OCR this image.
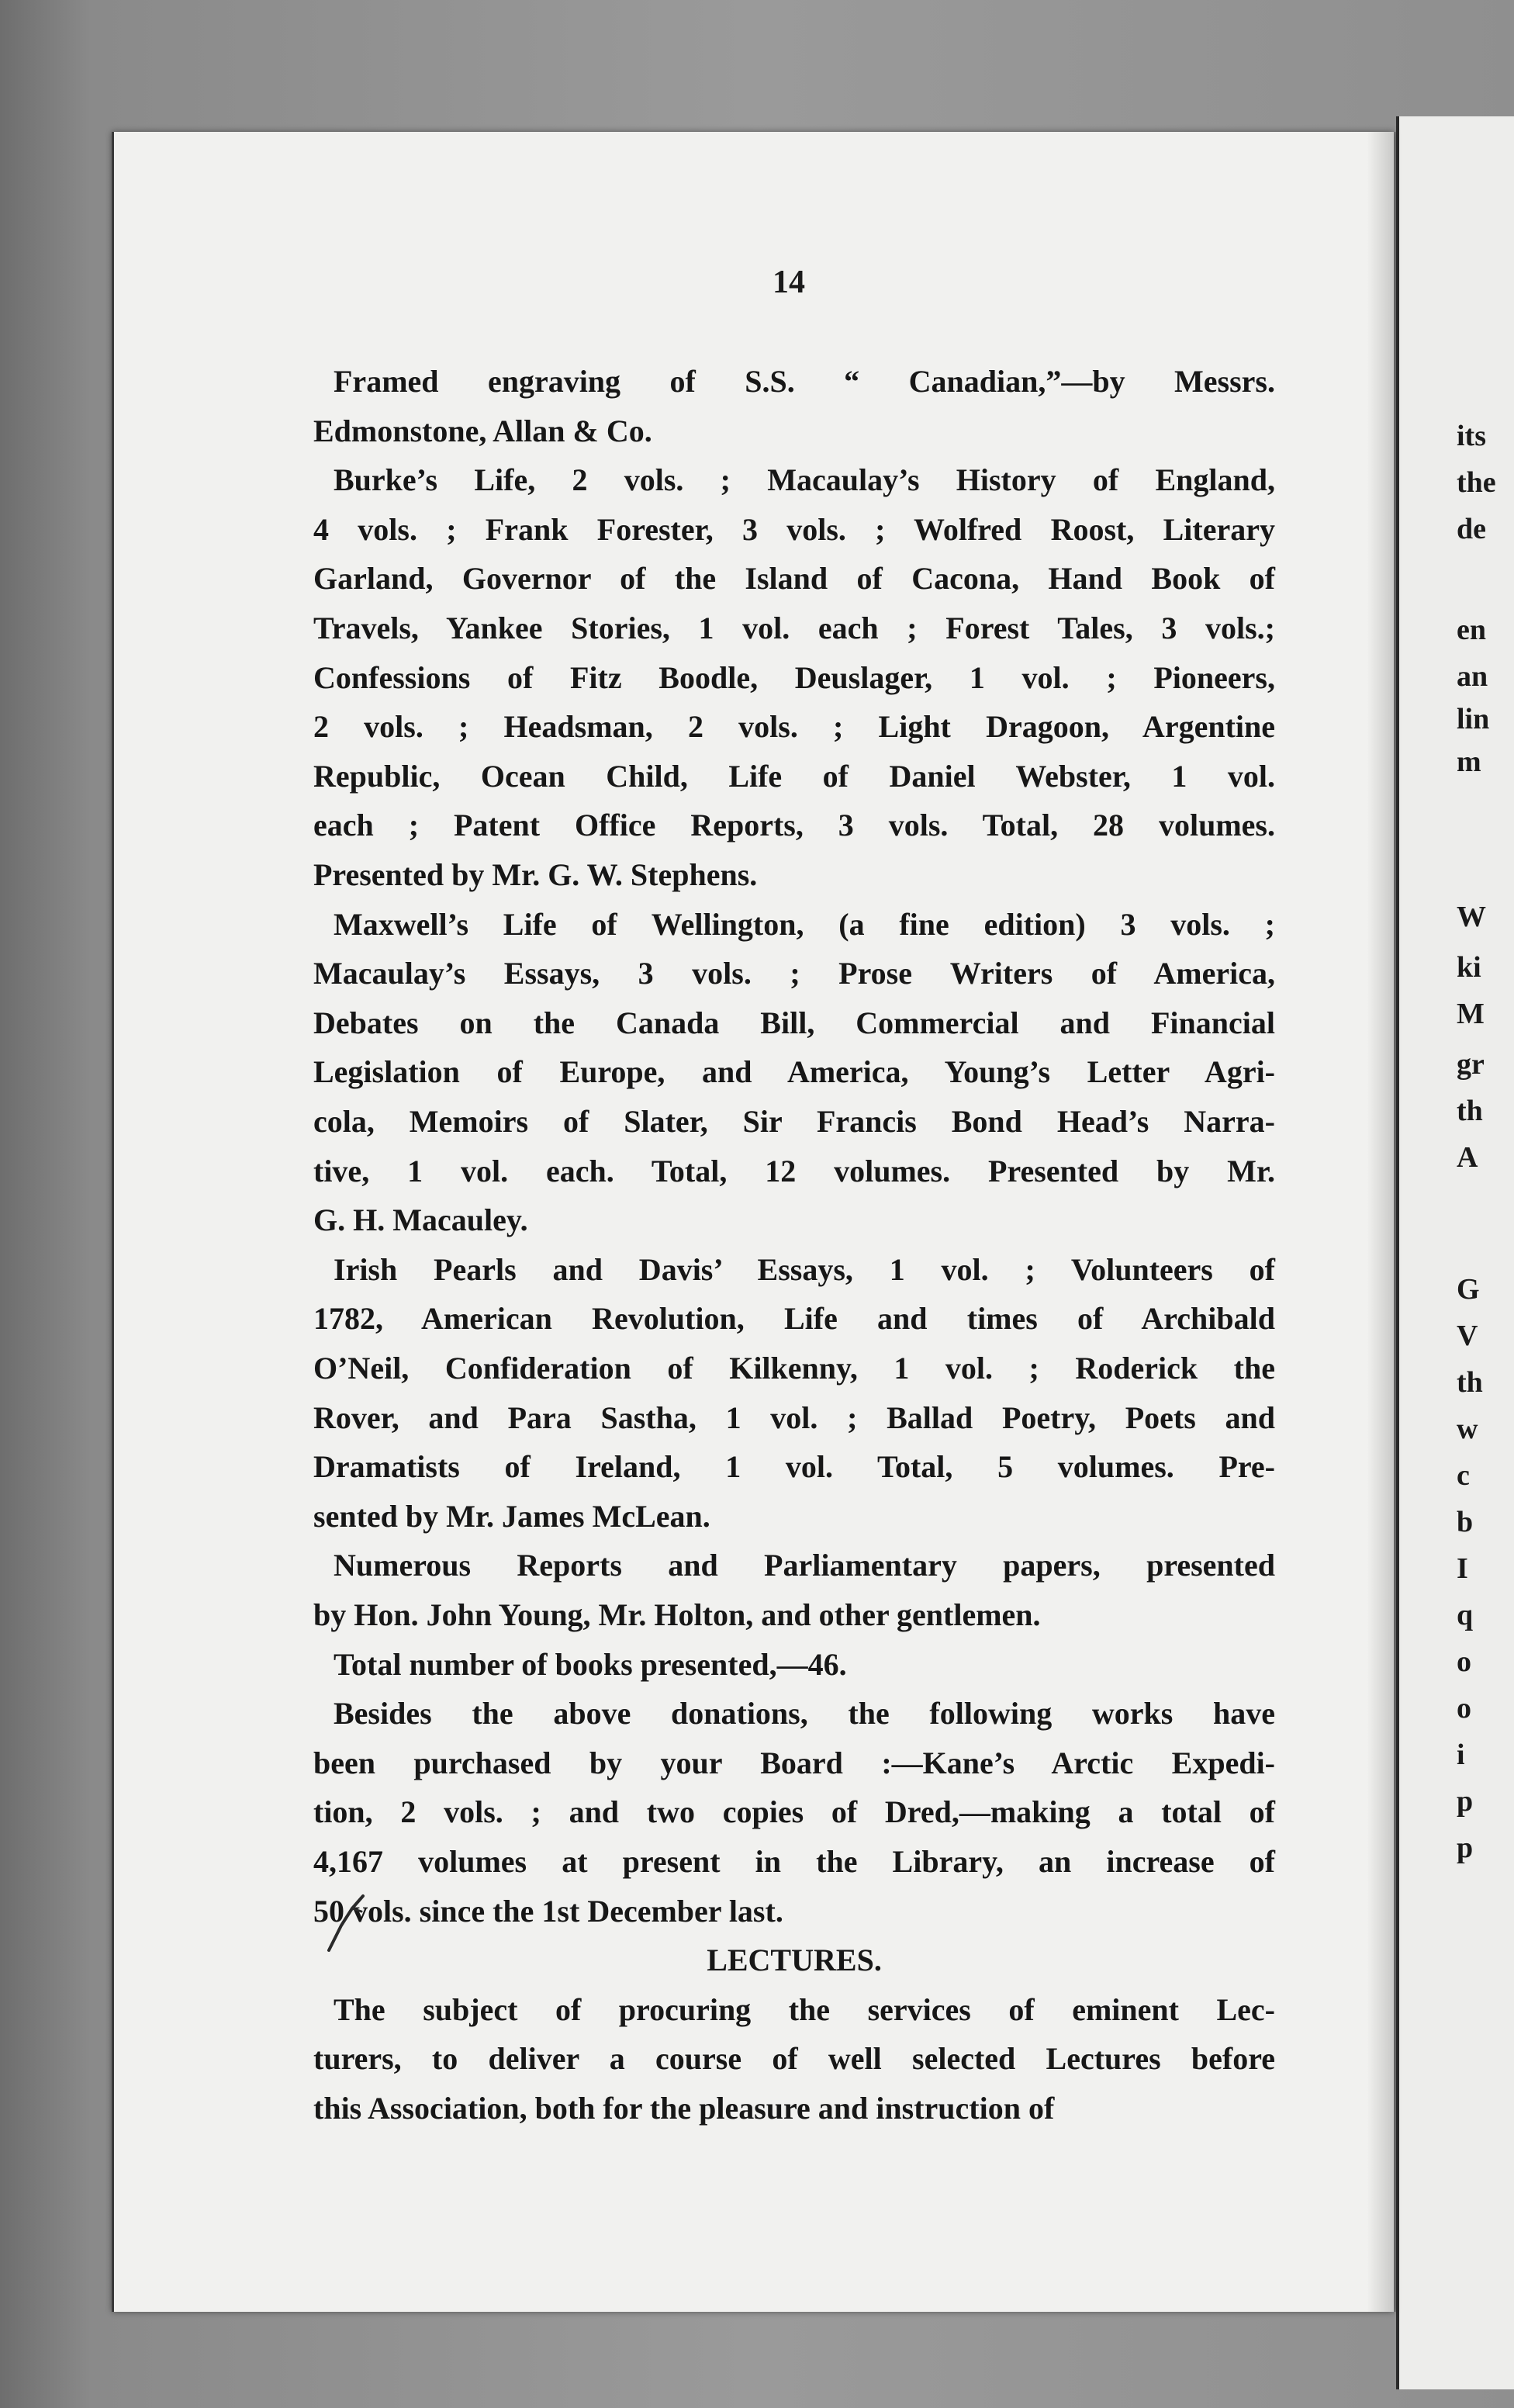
14
Framed engraving of S.S. “ Canadian,”—by Messrs.
Edmonstone, Allan & Co.
Burke’s Life, 2 vols. ; Macaulay’s History of England,
4 vols. ; Frank Forester, 3 vols. ; Wolfred Roost, Literary
Garland, Governor of the Island of Cacona, Hand Book of
Travels, Yankee Stories, 1 vol. each ; Forest Tales, 3 vols.;
Confessions of Fitz Boodle, Deuslager, 1 vol. ; Pioneers,
2 vols. ; Headsman, 2 vols. ; Light Dragoon, Argentine
Republic, Ocean Child, Life of Daniel Webster, 1 vol.
each ; Patent Office Reports, 3 vols. Total, 28 volumes.
Presented by Mr. G. W. Stephens.
Maxwell’s Life of Wellington, (a fine edition) 3 vols. ;
Macaulay’s Essays, 3 vols. ; Prose Writers of America,
Debates on the Canada Bill, Commercial and Financial
Legislation of Europe, and America, Young’s Letter Agri-
cola, Memoirs of Slater, Sir Francis Bond Head’s Narra-
tive, 1 vol. each. Total, 12 volumes. Presented by Mr.
G. H. Macauley.
Irish Pearls and Davis’ Essays, 1 vol. ; Volunteers of
1782, American Revolution, Life and times of Archibald
O’Neil, Confideration of Kilkenny, 1 vol. ; Roderick the
Rover, and Para Sastha, 1 vol. ; Ballad Poetry, Poets and
Dramatists of Ireland, 1 vol. Total, 5 volumes. Pre-
sented by Mr. James McLean.
Numerous Reports and Parliamentary papers, presented
by Hon. John Young, Mr. Holton, and other gentlemen.
Total number of books presented,—46.
Besides the above donations, the following works have
been purchased by your Board :—Kane’s Arctic Expedi-
tion, 2 vols. ; and two copies of Dred,—making a total of
4,167 volumes at present in the Library, an increase of
50 vols. since the 1st December last.
LECTURES.
The subject of procuring the services of eminent Lec-
turers, to deliver a course of well selected Lectures before
this Association, both for the pleasure and instruction of
its
the
de
en
an
lin
m
W
ki
M
gr
th
A
G
V
th
w
c
b
I
q
o
o
i
p
p
